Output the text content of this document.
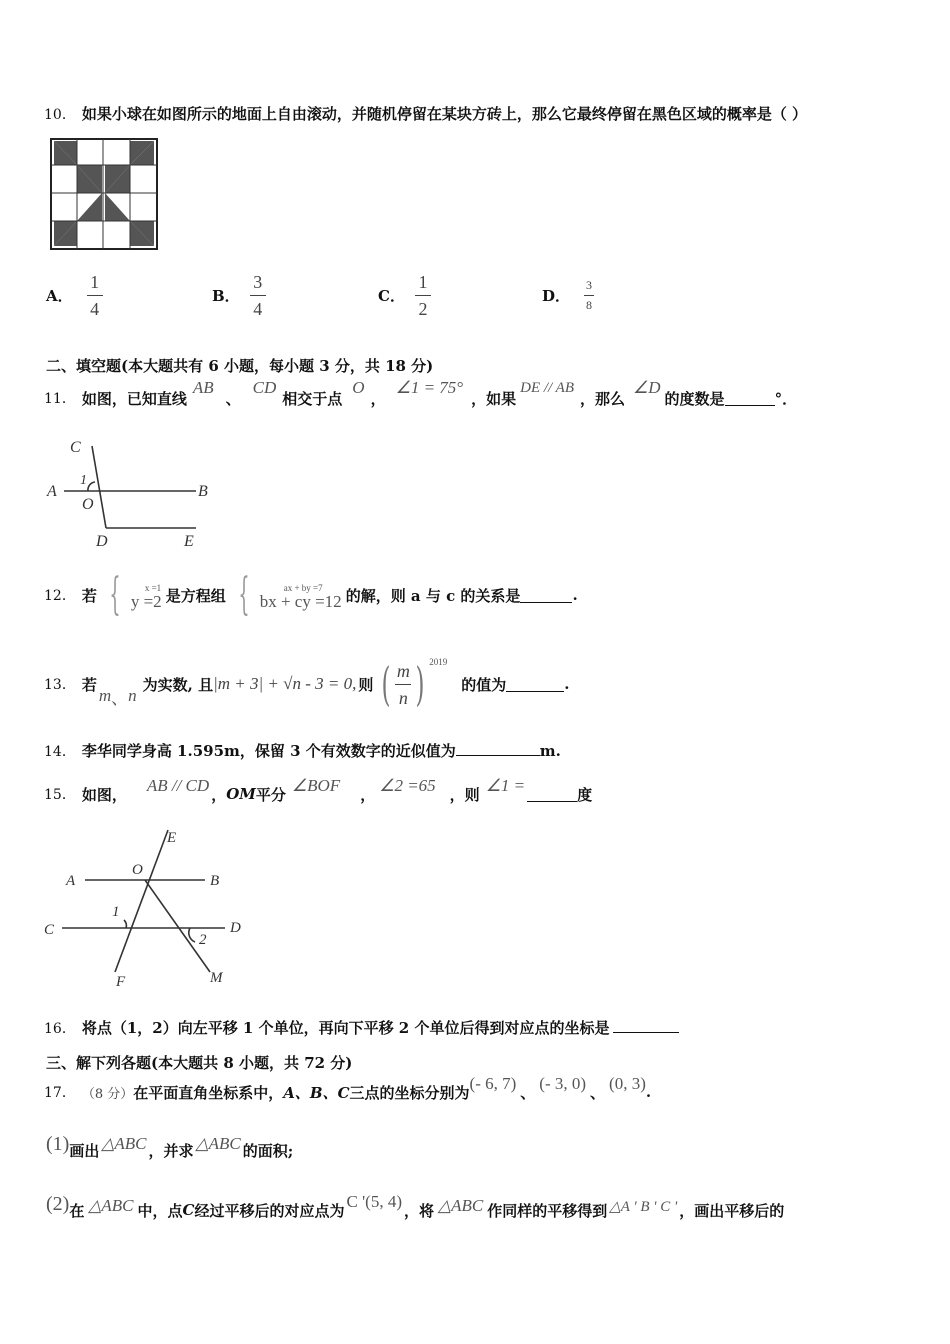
10． 如果小球在如图所示的地面上自由滚动，并随机停留在某块方砖上，那么它最终停留在黑色区域的概率是（ ）
A． $\frac{1}{4}$	B． $\frac{3}{4}$	C． $\frac{1}{2}$	D． $\frac{3}{8}$
二、填空题(本大题共有 6 小题，每小题 3 分，共 18 分)
11． 如图，已知直线
AB
、
CD
相交于点
O
，
∠1 = 75°
，如果
DE // AB
，那么
∠D
的度数是	°．
C
A
1
O
B
D	E
12． 若 {	x =1
y =2 是方程组 {	ax + by =7
bx + cy =12 的解，则 a 与 c 的关系是	.
13． 若
m 、 n
为实数, 且 |m + 3| + √n - 3 = 0, 则 ( $\frac{m}{n}$ ) 2019
的值为	.
14． 李华同学身高 1.595m，保留 3 个有效数字的近似值为	m.
15． 如图， AB // CD ， OM 平分 ∠BOF ， ∠2 =65 ，则 ∠1 =	度
E
O
A	B
1
C	D
2
F	M
16． 将点（1，2）向左平移 1 个单位，再向下平移 2 个单位后得到对应点的坐标是
三、解下列各题(本大题共 8 小题，共 72 分)
17． （8 分） 在平面直角坐标系中， A、B、C 三点的坐标分别为 (- 6, 7) 、 (- 3, 0) 、 (0, 3) .
(1) 画出 △ABC ，并求 △ABC 的面积;
(2) 在 △ABC 中，点 C 经过平移后的对应点为 C '(5, 4) ，将 △ABC 作同样的平移得到 △A ' B ' C ' ，画出平移后的
